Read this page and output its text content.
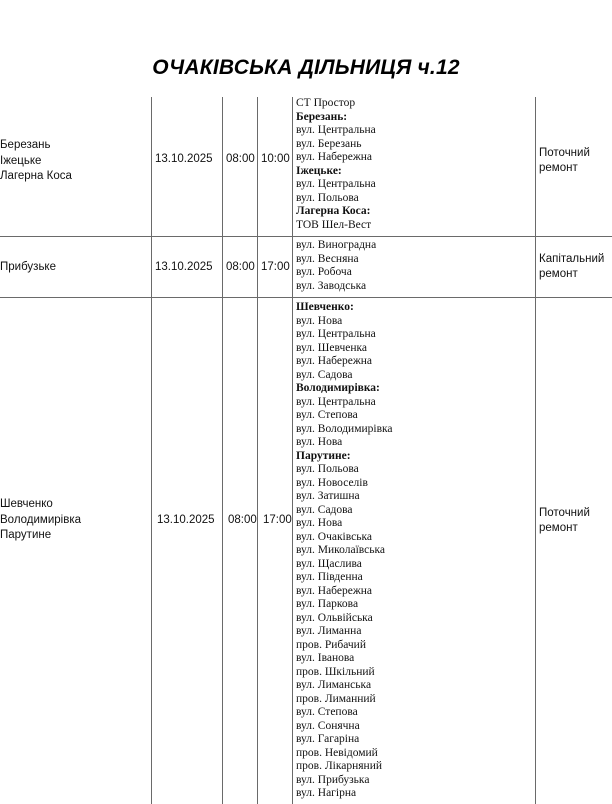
ОЧАКІВСЬКА ДІЛЬНИЦЯ ч.12
Березань
Іжецьке
Лагерна Коса
13.10.2025 08:00 10:00
СТ Простор
Березань:
вул. Центральна
вул. Березань
вул. Набережна
Іжецьке:
вул. Центральна
вул. Польова
Лагерна Коса:
ТОВ Шел-Вест
Поточний
ремонт
Прибузьке	13.10.2025 08:00 17:00
вул. Виноградна
вул. Весняна
вул. Робоча
вул. Заводська
Капітальний
ремонт
Шевченко
Володимирівка
Парутине
13.10.2025 08:00 17:00
Шевченко:
вул. Нова
вул. Центральна
вул. Шевченка
вул. Набережна
вул. Садова
Володимирівка:
вул. Центральна
вул. Степова
вул. Володимирівка
вул. Нова
Парутине:
вул. Польова
вул. Новоселів
вул. Затишна
вул. Садова
вул. Нова
вул. Очаківська
вул. Миколаївська
вул. Щаслива
вул. Південна
вул. Набережна
вул. Паркова
вул. Ольвійська
вул. Лиманна
пров. Рибачий
вул. Іванова
пров. Шкільний
вул. Лиманська
пров. Лиманний
вул. Степова
вул. Сонячна
вул. Гагаріна
пров. Невідомий
пров. Лікарняний
вул. Прибузька
вул. Нагірна
Поточний
ремонт
